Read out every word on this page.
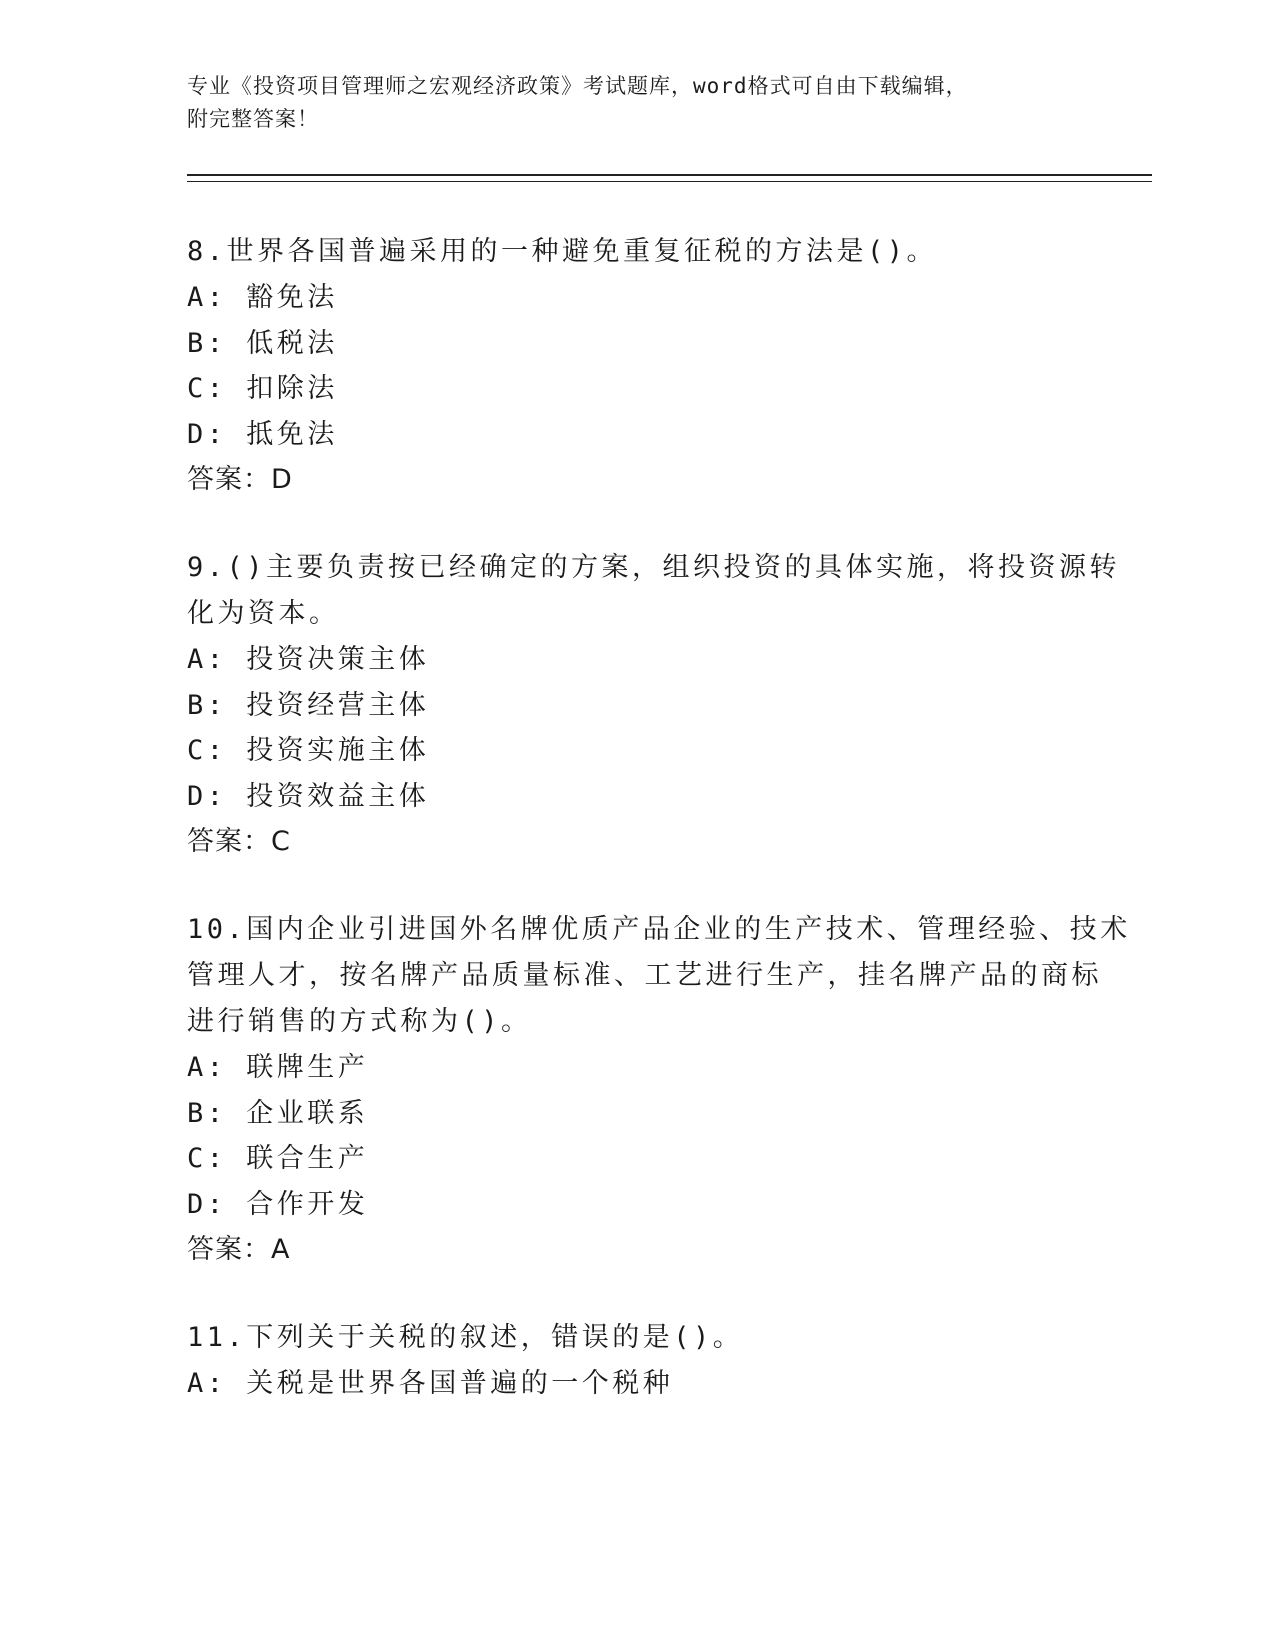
专业《投资项目管理师之宏观经济政策》考试题库，word格式可自由下载编辑，

附完整答案！

8.世界各国普遍采用的一种避免重复征税的方法是()。

A: 豁免法

B: 低税法

C: 扣除法

D: 抵免法

答案：D

9.()主要负责按已经确定的方案，组织投资的具体实施，将投资源转

化为资本。

A: 投资决策主体

B: 投资经营主体

C: 投资实施主体

D: 投资效益主体

答案：C

10.国内企业引进国外名牌优质产品企业的生产技术、管理经验、技术

管理人才，按名牌产品质量标准、工艺进行生产，挂名牌产品的商标

进行销售的方式称为()。

A: 联牌生产

B: 企业联系

C: 联合生产

D: 合作开发

答案：A

11.下列关于关税的叙述，错误的是()。

A: 关税是世界各国普遍的一个税种
